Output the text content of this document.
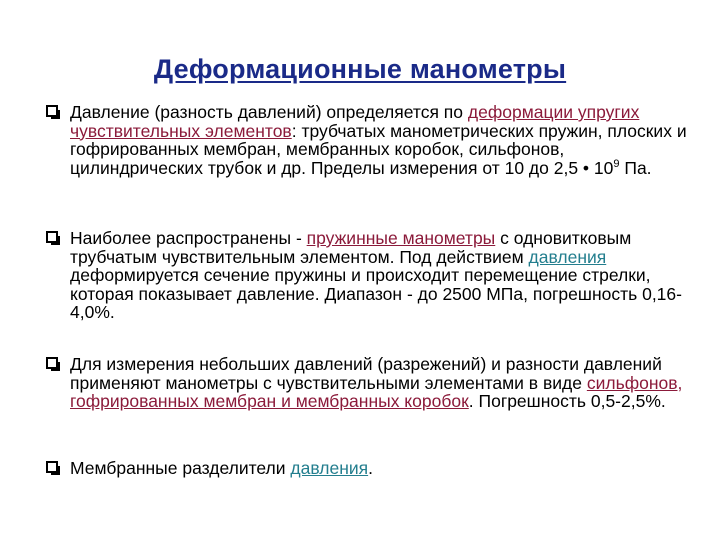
Деформационные манометры
Давление (разность давлений) определяется по деформации упругих чувствительных элементов: трубчатых манометрических пружин, плоских и гофрированных мембран, мембранных коробок, сильфонов, цилиндрических трубок и др. Пределы измерения от 10 до 2,5 • $10^9$ Па.
Наиболее распространены - пружинные манометры с одновитковым трубчатым чувствительным элементом. Под действием давления деформируется сечение пружины и происходит перемещение стрелки, которая показывает давление. Диапазон - до 2500 МПа, погрешность 0,16-4,0%.
Для измерения небольших давлений (разрежений) и разности давлений применяют манометры с чувствительными элементами в виде сильфонов, гофрированных мембран и мембранных коробок. Погрешность 0,5-2,5%.
Мембранные разделители давления.
